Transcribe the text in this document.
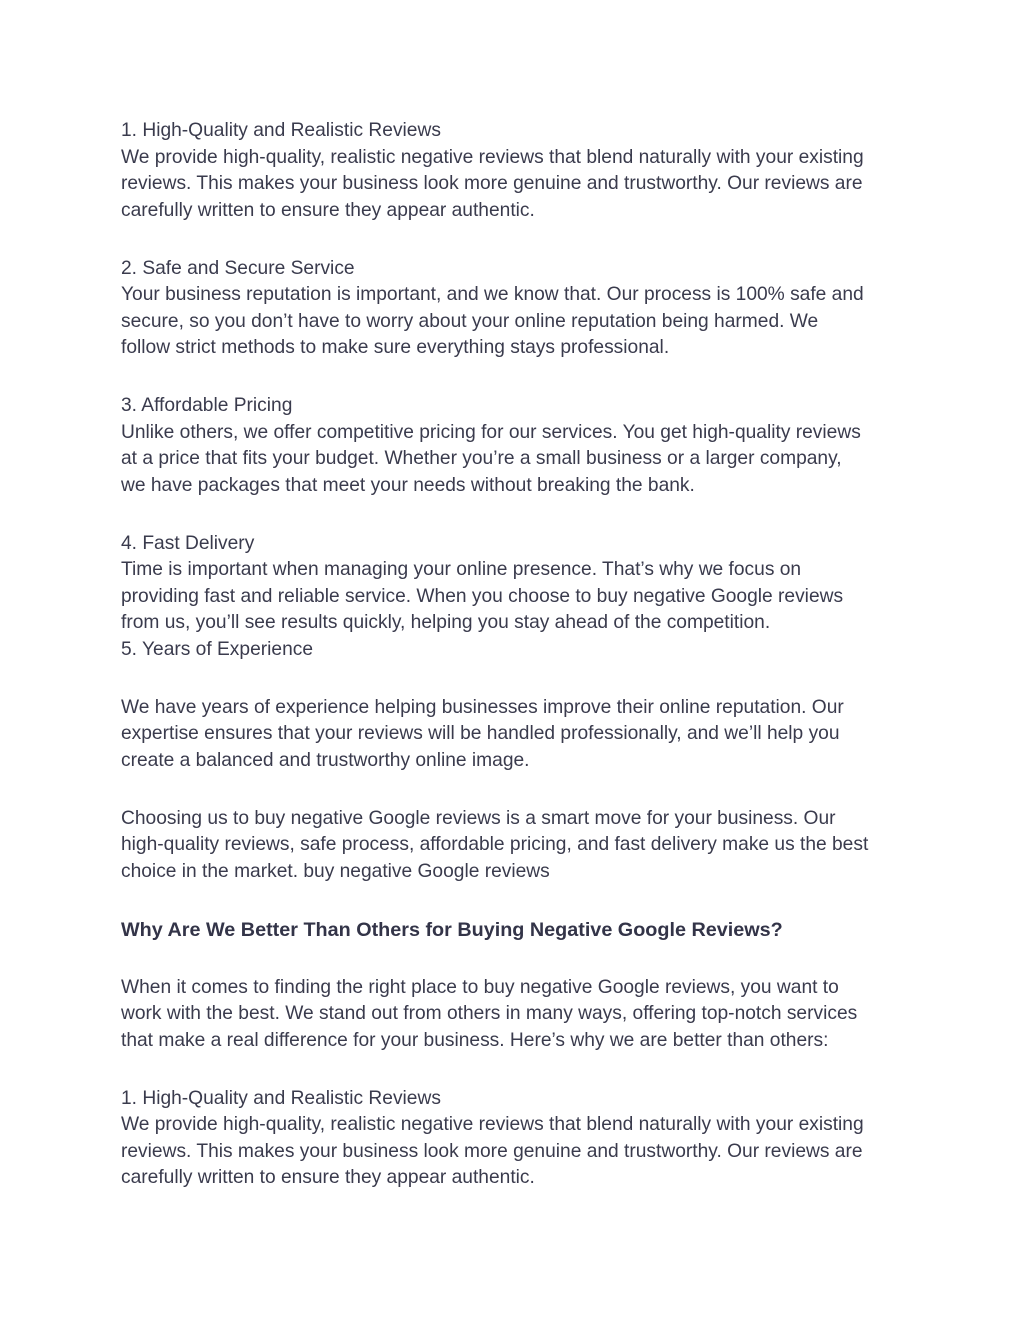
1. High-Quality and Realistic Reviews

We provide high-quality, realistic negative reviews that blend naturally with your existing

reviews. This makes your business look more genuine and trustworthy. Our reviews are

carefully written to ensure they appear authentic.

2. Safe and Secure Service

Your business reputation is important, and we know that. Our process is 100% safe and

secure, so you don’t have to worry about your online reputation being harmed. We

follow strict methods to make sure everything stays professional.

3. Affordable Pricing

Unlike others, we offer competitive pricing for our services. You get high-quality reviews

at a price that fits your budget. Whether you’re a small business or a larger company,

we have packages that meet your needs without breaking the bank.

4. Fast Delivery

Time is important when managing your online presence. That’s why we focus on

providing fast and reliable service. When you choose to buy negative Google reviews

from us, you’ll see results quickly, helping you stay ahead of the competition.

5. Years of Experience

We have years of experience helping businesses improve their online reputation. Our

expertise ensures that your reviews will be handled professionally, and we’ll help you

create a balanced and trustworthy online image.

Choosing us to buy negative Google reviews is a smart move for your business. Our

high-quality reviews, safe process, affordable pricing, and fast delivery make us the best

choice in the market. buy negative Google reviews

Why Are We Better Than Others for Buying Negative Google Reviews?

When it comes to finding the right place to buy negative Google reviews, you want to

work with the best. We stand out from others in many ways, offering top-notch services

that make a real difference for your business. Here’s why we are better than others:

1. High-Quality and Realistic Reviews

We provide high-quality, realistic negative reviews that blend naturally with your existing

reviews. This makes your business look more genuine and trustworthy. Our reviews are

carefully written to ensure they appear authentic.
